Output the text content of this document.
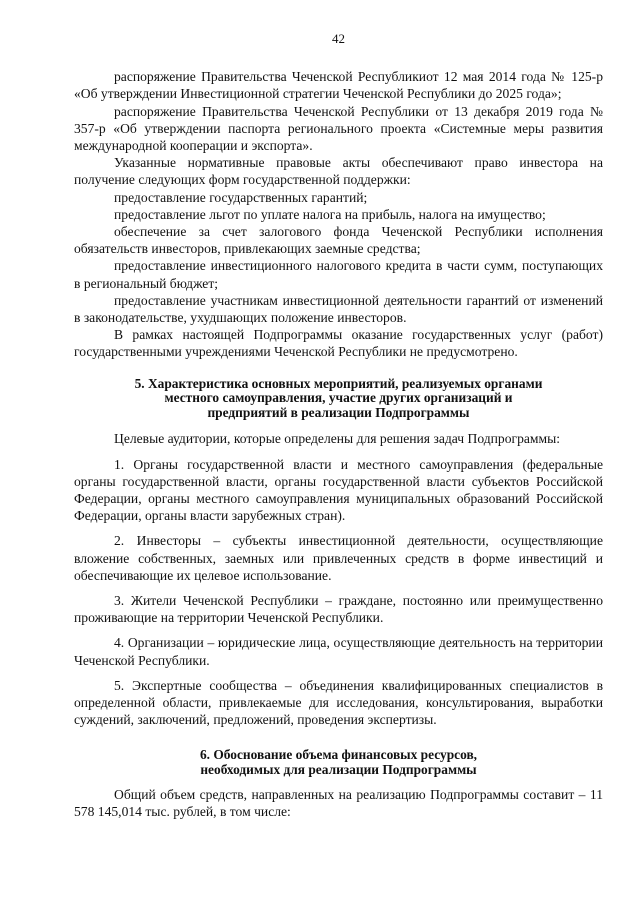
42

распоряжение Правительства Чеченской Республикиот 12 мая 2014 года № 125-р «Об утверждении Инвестиционной стратегии Чеченской Республики до 2025 года»;

распоряжение Правительства Чеченской Республики от 13 декабря 2019 года № 357-р «Об утверждении паспорта регионального проекта «Системные меры развития международной кооперации и экспорта».

Указанные нормативные правовые акты обеспечивают право инвестора на получение следующих форм государственной поддержки:

предоставление государственных гарантий;

предоставление льгот по уплате налога на прибыль, налога на имущество;

обеспечение за счет залогового фонда Чеченской Республики исполнения обязательств инвесторов, привлекающих заемные средства;

предоставление инвестиционного налогового кредита в части сумм, поступающих в региональный бюджет;

предоставление участникам инвестиционной деятельности гарантий от изменений в законодательстве, ухудшающих положение инвесторов.

В рамках настоящей Подпрограммы оказание государственных услуг (работ) государственными учреждениями Чеченской Республики не предусмотрено.

5. Характеристика основных мероприятий, реализуемых органами
местного самоуправления, участие других организаций и
предприятий в реализации Подпрограммы

Целевые аудитории, которые определены для решения задач Подпрограммы:

1. Органы государственной власти и местного самоуправления (федеральные органы государственной власти, органы государственной власти субъектов Российской Федерации, органы местного самоуправления муниципальных образований Российской Федерации, органы власти зарубежных стран).

2. Инвесторы – субъекты инвестиционной деятельности, осуществляющие вложение собственных, заемных или привлеченных средств в форме инвестиций и обеспечивающие их целевое использование.

3. Жители Чеченской Республики – граждане, постоянно или преимущественно проживающие на территории Чеченской Республики.

4. Организации – юридические лица, осуществляющие деятельность на территории Чеченской Республики.

5. Экспертные сообщества – объединения квалифицированных специалистов в определенной области, привлекаемые для исследования, консультирования, выработки суждений, заключений, предложений, проведения экспертизы.

6. Обоснование объема финансовых ресурсов,
необходимых для реализации Подпрограммы

Общий объем средств, направленных на реализацию Подпрограммы составит – 11 578 145,014 тыс. рублей, в том числе:
